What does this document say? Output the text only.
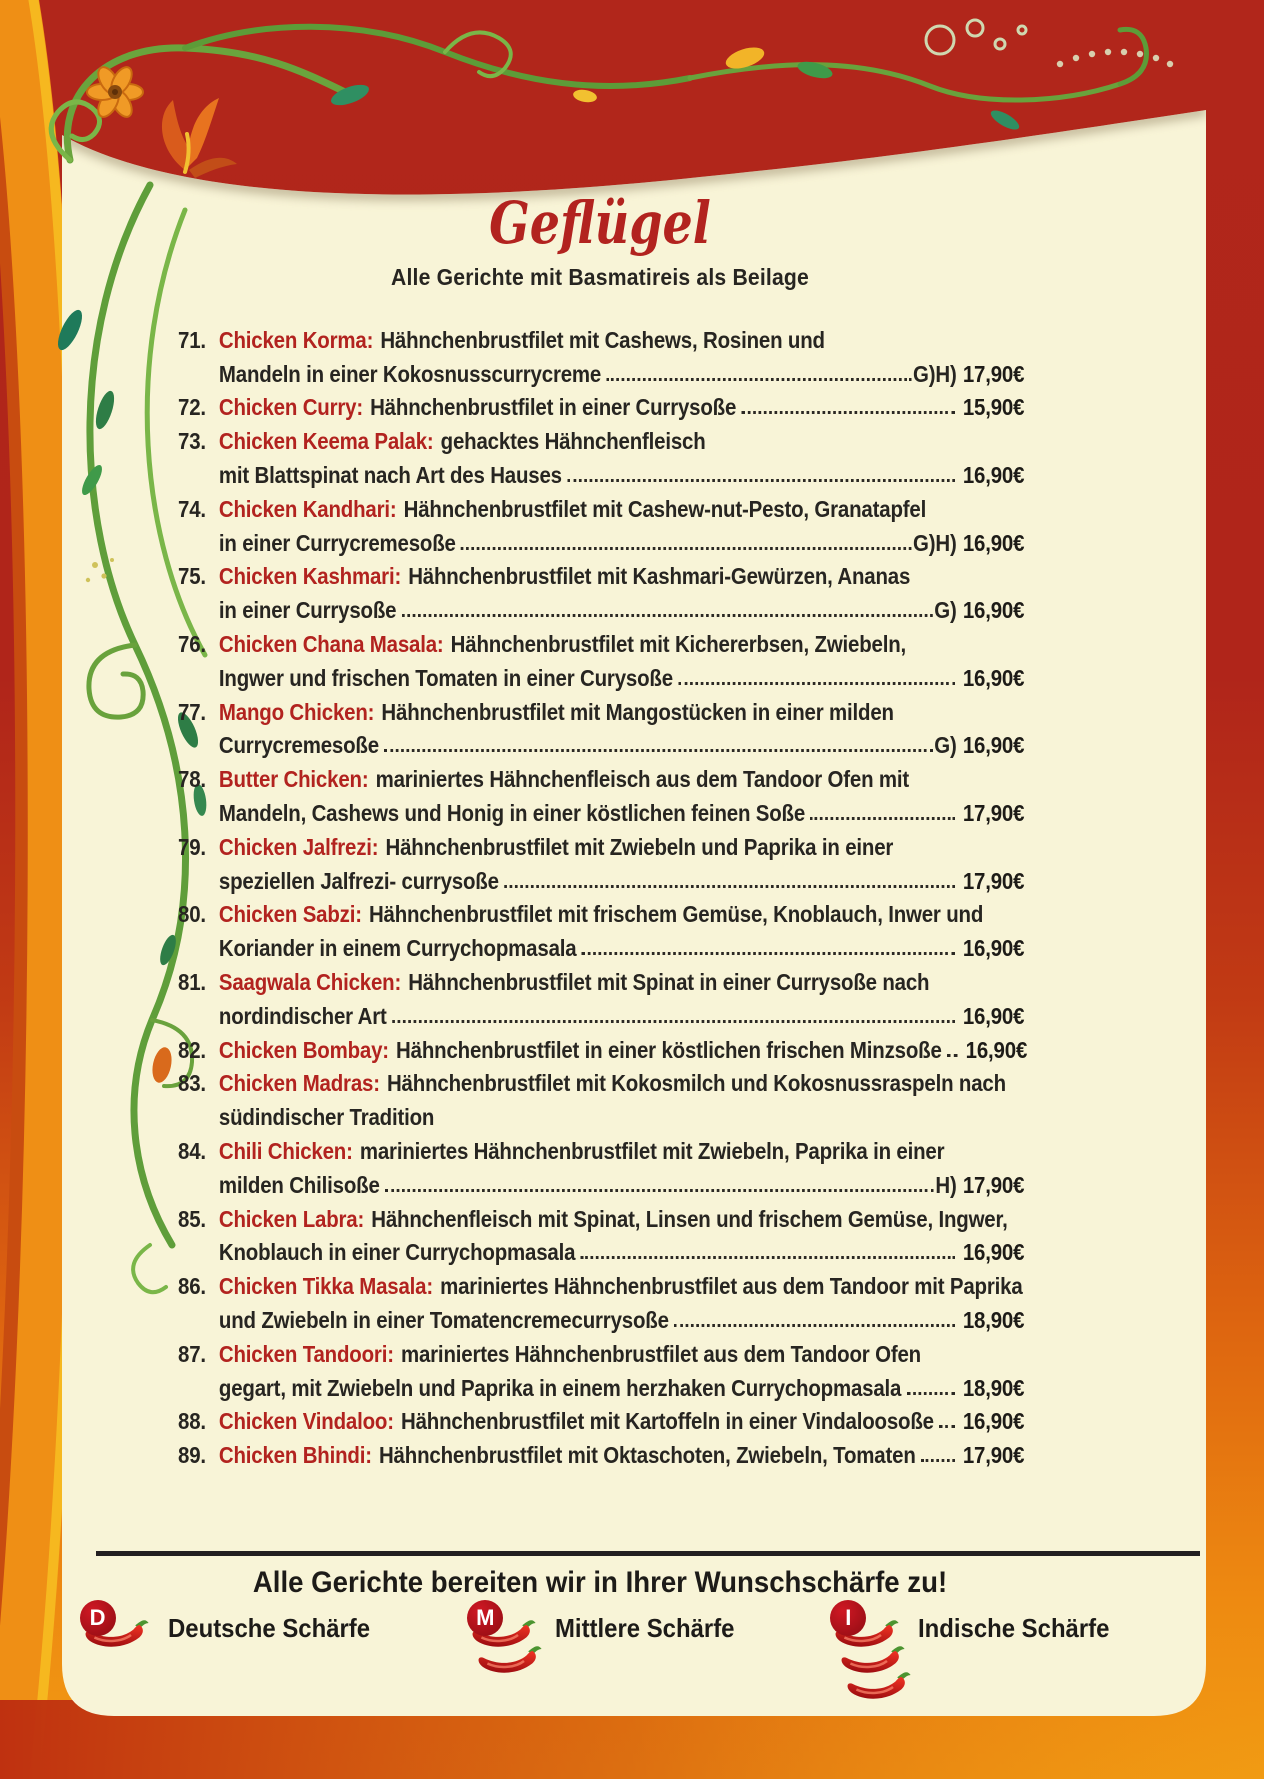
Geflügel
Alle Gerichte mit Basmatireis als Beilage
71. Chicken Korma: Hähnchenbrustfilet mit Cashews, Rosinen und
Mandeln in einer Kokosnusscurrycreme	G)H) 17,90€
72. Chicken Curry: Hähnchenbrustfilet in einer Currysoße	15,90€
73. Chicken Keema Palak: gehacktes Hähnchenfleisch
mit Blattspinat nach Art des Hauses	16,90€
74. Chicken Kandhari: Hähnchenbrustfilet mit Cashew-nut-Pesto, Granatapfel
in einer Currycremesoße	G)H) 16,90€
75. Chicken Kashmari: Hähnchenbrustfilet mit Kashmari-Gewürzen, Ananas
in einer Currysoße	G) 16,90€
76. Chicken Chana Masala: Hähnchenbrustfilet mit Kichererbsen, Zwiebeln,
Ingwer und frischen Tomaten in einer Curysoße	16,90€
77. Mango Chicken: Hähnchenbrustfilet mit Mangostücken in einer milden
Currycremesoße	G) 16,90€
78. Butter Chicken: mariniertes Hähnchenfleisch aus dem Tandoor Ofen mit
Mandeln, Cashews und Honig in einer köstlichen feinen Soße	17,90€
79. Chicken Jalfrezi: Hähnchenbrustfilet mit Zwiebeln und Paprika in einer
speziellen Jalfrezi- currysoße	17,90€
80. Chicken Sabzi: Hähnchenbrustfilet mit frischem Gemüse, Knoblauch, Inwer und
Koriander in einem Currychopmasala	16,90€
81. Saagwala Chicken: Hähnchenbrustfilet mit Spinat in einer Currysoße nach
nordindischer Art	16,90€
82. Chicken Bombay: Hähnchenbrustfilet in einer köstlichen frischen Minzsoße 16,90€
83. Chicken Madras: Hähnchenbrustfilet mit Kokosmilch und Kokosnussraspeln nach
südindischer Tradition
84. Chili Chicken: mariniertes Hähnchenbrustfilet mit Zwiebeln, Paprika in einer
milden Chilisoße	H) 17,90€
85. Chicken Labra: Hähnchenfleisch mit Spinat, Linsen und frischem Gemüse, Ingwer,
Knoblauch in einer Currychopmasala	16,90€
86. Chicken Tikka Masala: mariniertes Hähnchenbrustfilet aus dem Tandoor mit Paprika
und Zwiebeln in einer Tomatencremecurrysoße	18,90€
87. Chicken Tandoori: mariniertes Hähnchenbrustfilet aus dem Tandoor Ofen
gegart, mit Zwiebeln und Paprika in einem herzhaken Currychopmasala	18,90€
88. Chicken Vindaloo: Hähnchenbrustfilet mit Kartoffeln in einer Vindaloosoße 16,90€
89. Chicken Bhindi: Hähnchenbrustfilet mit Oktaschoten, Zwiebeln, Tomaten 17,90€
Alle Gerichte bereiten wir in Ihrer Wunschschärfe zu!
D	Deutsche Schärfe	M	Mittlere Schärfe	I	Indische Schärfe
